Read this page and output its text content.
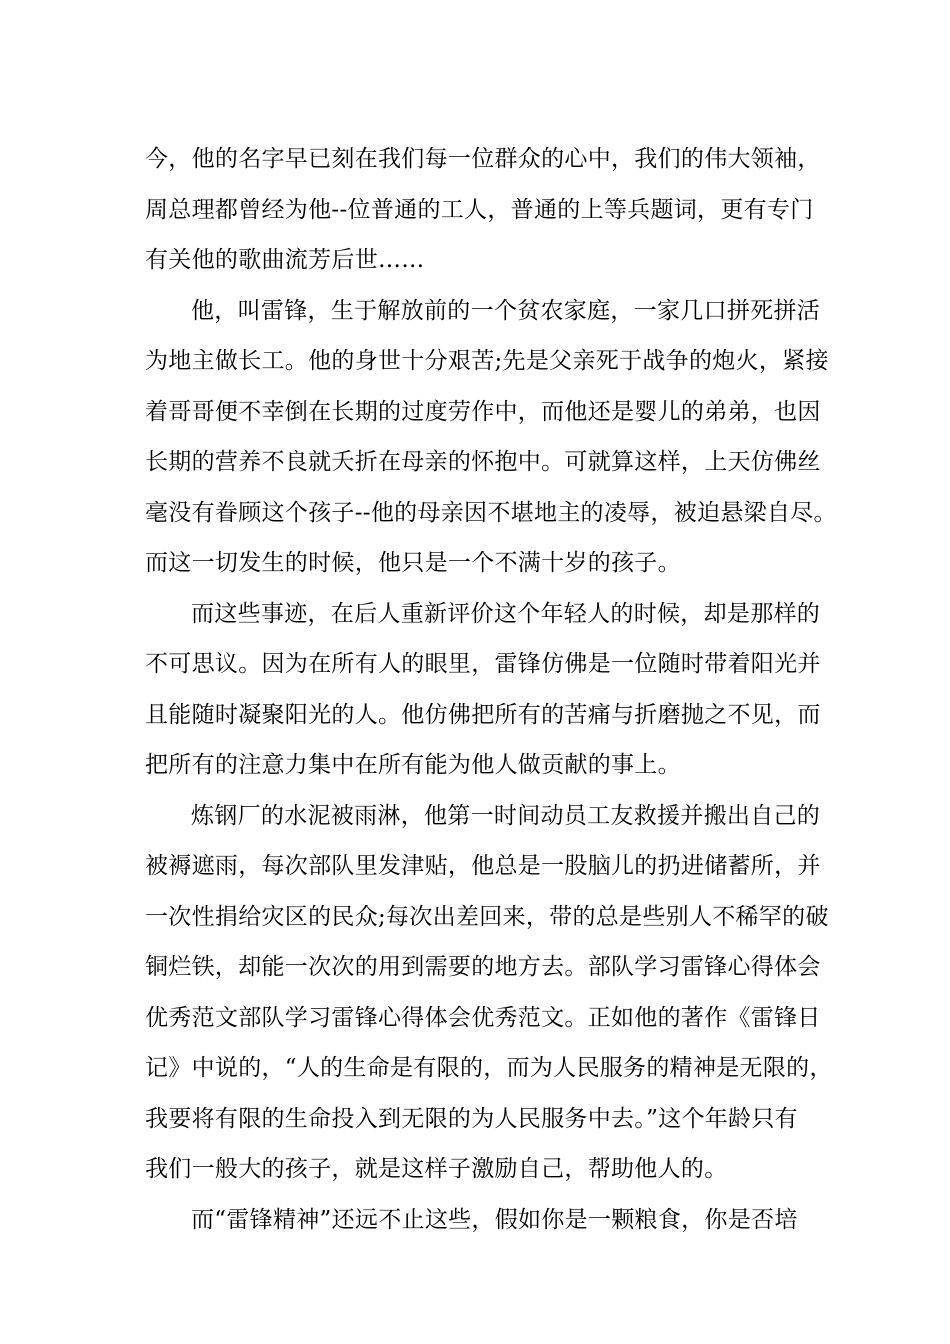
今，他的名字早已刻在我们每一位群众的心中，我们的伟大领袖，
周总理都曾经为他--位普通的工人，普通的上等兵题词，更有专门
有关他的歌曲流芳后世……
他，叫雷锋，生于解放前的一个贫农家庭，一家几口拼死拼活
为地主做长工。他的身世十分艰苦;先是父亲死于战争的炮火，紧接
着哥哥便不幸倒在长期的过度劳作中，而他还是婴儿的弟弟，也因
长期的营养不良就夭折在母亲的怀抱中。可就算这样，上天仿佛丝
毫没有眷顾这个孩子--他的母亲因不堪地主的凌辱，被迫悬梁自尽。
而这一切发生的时候，他只是一个不满十岁的孩子。
而这些事迹，在后人重新评价这个年轻人的时候，却是那样的
不可思议。因为在所有人的眼里，雷锋仿佛是一位随时带着阳光并
且能随时凝聚阳光的人。他仿佛把所有的苦痛与折磨抛之不见，而
把所有的注意力集中在所有能为他人做贡献的事上。
炼钢厂的水泥被雨淋，他第一时间动员工友救援并搬出自己的
被褥遮雨，每次部队里发津贴，他总是一股脑儿的扔进储蓄所，并
一次性捐给灾区的民众;每次出差回来，带的总是些别人不稀罕的破
铜烂铁，却能一次次的用到需要的地方去。部队学习雷锋心得体会
优秀范文部队学习雷锋心得体会优秀范文。正如他的著作《雷锋日
记》中说的，“人的生命是有限的，而为人民服务的精神是无限的，
我要将有限的生命投入到无限的为人民服务中去。”这个年龄只有
我们一般大的孩子，就是这样子激励自己，帮助他人的。
而“雷锋精神”还远不止这些，假如你是一颗粮食，你是否培
